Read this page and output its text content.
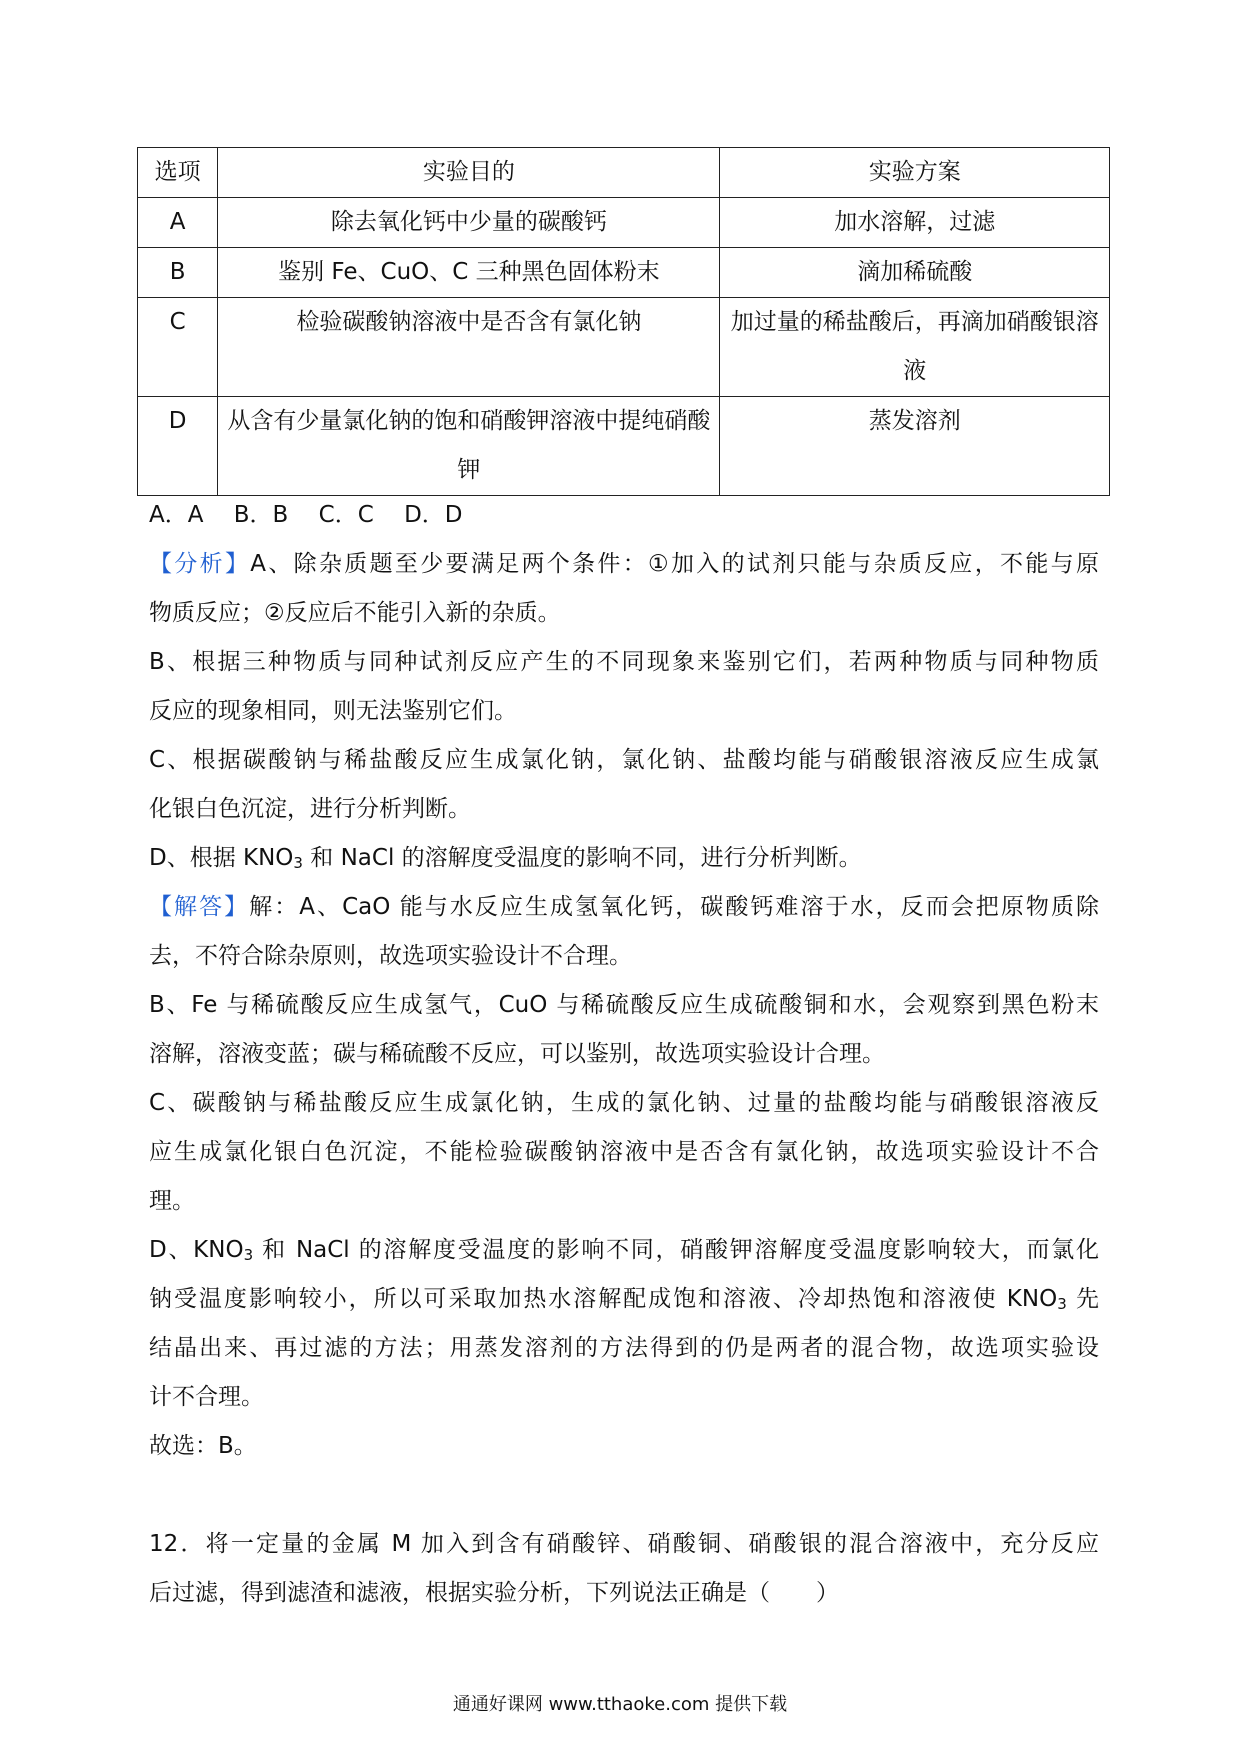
选项	实验目的	实验方案
A	除去氧化钙中少量的碳酸钙	加水溶解，过滤
B	鉴别 Fe、CuO、C 三种黑色固体粉末	滴加稀硫酸
C	检验碳酸钠溶液中是否含有氯化钠	加过量的稀盐酸后，再滴加硝酸银溶液
D	从含有少量氯化钠的饱和硝酸钾溶液中提纯硝酸钾	蒸发溶剂
A．A　 B．B　 C．C　 D．D
【分析】A、除杂质题至少要满足两个条件：①加入的试剂只能与杂质反应，不能与原
物质反应；②反应后不能引入新的杂质。
B、根据三种物质与同种试剂反应产生的不同现象来鉴别它们，若两种物质与同种物质
反应的现象相同，则无法鉴别它们。
C、根据碳酸钠与稀盐酸反应生成氯化钠，氯化钠、盐酸均能与硝酸银溶液反应生成氯
化银白色沉淀，进行分析判断。
D、根据 $KNO_3$ 和 NaCl 的溶解度受温度的影响不同，进行分析判断。
【解答】解：A、CaO 能与水反应生成氢氧化钙，碳酸钙难溶于水，反而会把原物质除
去，不符合除杂原则，故选项实验设计不合理。
B、Fe 与稀硫酸反应生成氢气，CuO 与稀硫酸反应生成硫酸铜和水，会观察到黑色粉末
溶解，溶液变蓝；碳与稀硫酸不反应，可以鉴别，故选项实验设计合理。
C、碳酸钠与稀盐酸反应生成氯化钠，生成的氯化钠、过量的盐酸均能与硝酸银溶液反
应生成氯化银白色沉淀，不能检验碳酸钠溶液中是否含有氯化钠，故选项实验设计不合
理。
D、$KNO_3$ 和 NaCl 的溶解度受温度的影响不同，硝酸钾溶解度受温度影响较大，而氯化
钠受温度影响较小，所以可采取加热水溶解配成饱和溶液、冷却热饱和溶液使 $KNO_3$ 先
结晶出来、再过滤的方法；用蒸发溶剂的方法得到的仍是两者的混合物，故选项实验设
计不合理。
故选：B。
12．将一定量的金属 M 加入到含有硝酸锌、硝酸铜、硝酸银的混合溶液中，充分反应
后过滤，得到滤渣和滤液，根据实验分析，下列说法正确是（　　）
通通好课网 www.tthaoke.com 提供下载
